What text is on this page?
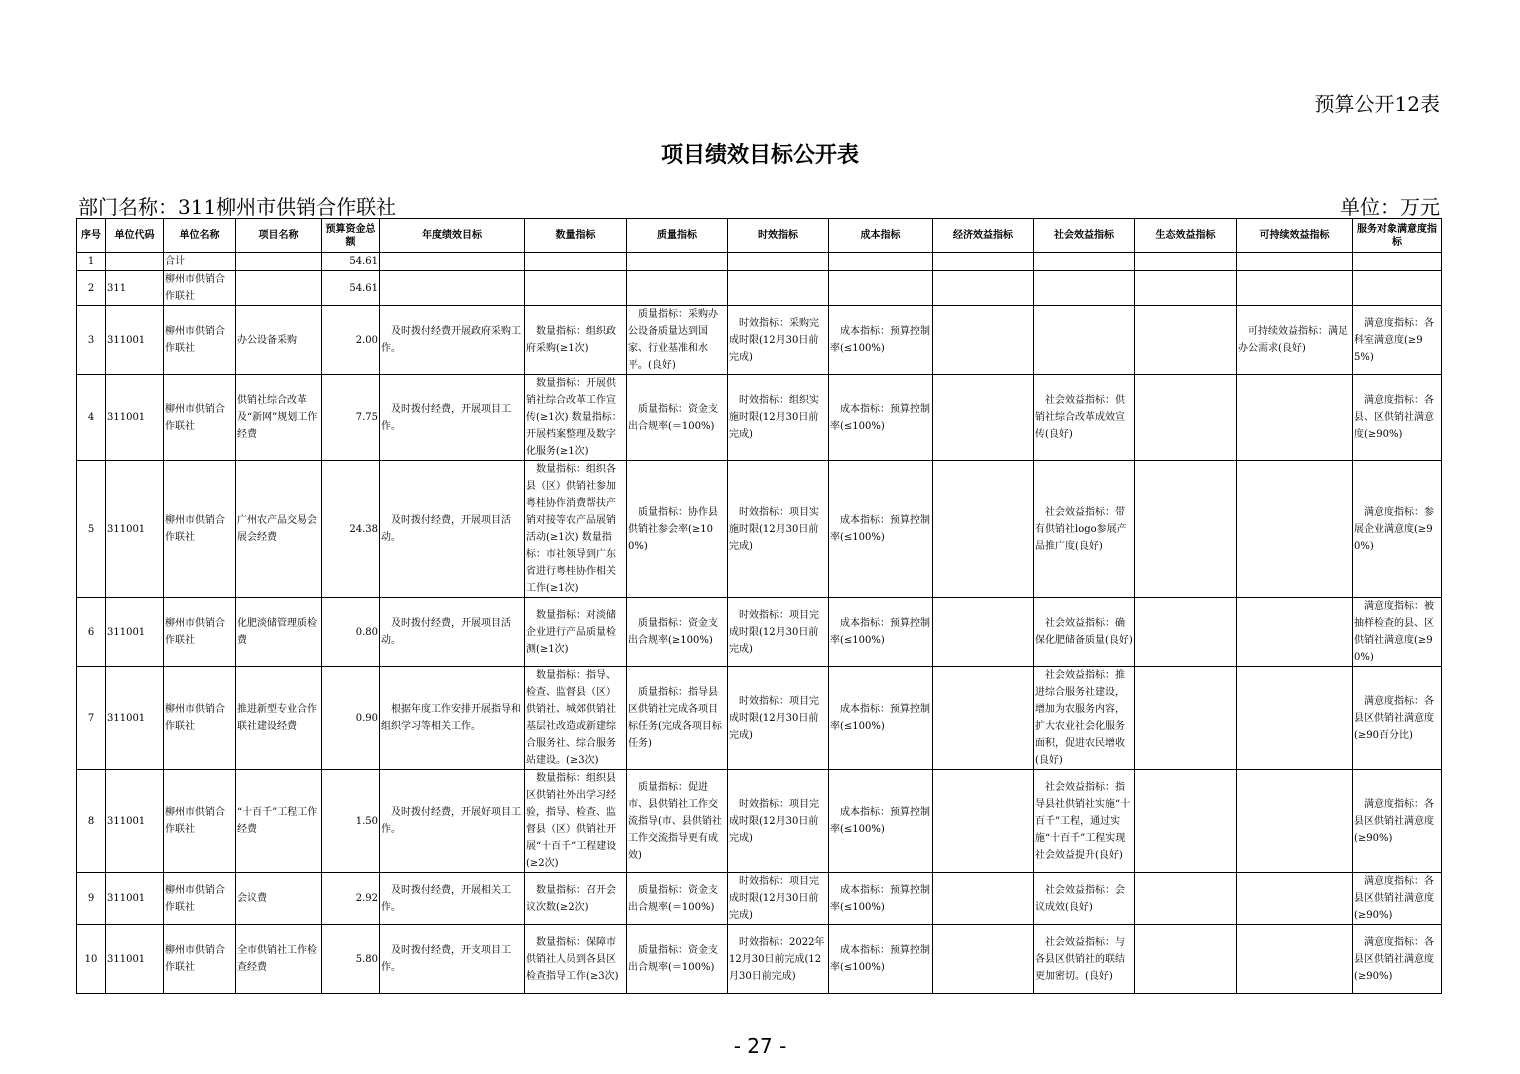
预算公开12表
项目绩效目标公开表
部门名称：311柳州市供销合作联社	单位：万元
序号	单位代码	单位名称	项目名称	预算资金总额	年度绩效目标	数量指标	质量指标	时效指标	成本指标	经济效益指标	社会效益指标	生态效益指标	可持续效益指标	服务对象满意度指标
1		合计		54.61										
2	311	柳州市供销合作联社		54.61										
3	311001	柳州市供销合作联社	办公设备采购	2.00	及时拨付经费开展政府采购工作。	数量指标：组织政府采购(≥1次)	质量指标：采购办公设备质量达到国家、行业基准和水平。(良好)	时效指标：采购完成时限(12月30日前完成)	成本指标：预算控制率(≤100%)				可持续效益指标：满足办公需求(良好)	满意度指标：各科室满意度(≥95%)
4	311001	柳州市供销合作联社	供销社综合改革及“新网”规划工作经费	7.75	及时拨付经费，开展项目工作。	数量指标：开展供销社综合改革工作宣传(≥1次) 数量指标：开展档案整理及数字化服务(≥1次)	质量指标：资金支出合规率(＝100%)	时效指标：组织实施时限(12月30日前完成)	成本指标：预算控制率(≤100%)		社会效益指标：供销社综合改革成效宣传(良好)			满意度指标：各县、区供销社满意度(≥90%)
5	311001	柳州市供销合作联社	广州农产品交易会展会经费	24.38	及时拨付经费，开展项目活动。	数量指标：组织各县（区）供销社参加粤桂协作消费帮扶产销对接等农产品展销活动(≥1次) 数量指标：市社领导到广东省进行粤桂协作相关工作(≥1次)	质量指标：协作县供销社参会率(≥100%)	时效指标：项目实施时限(12月30日前完成)	成本指标：预算控制率(≤100%)		社会效益指标：带有供销社logo参展产品推广度(良好)			满意度指标：参展企业满意度(≥90%)
6	311001	柳州市供销合作联社	化肥淡储管理质检费	0.80	及时拨付经费，开展项目活动。	数量指标：对淡储企业进行产品质量检测(≥1次)	质量指标：资金支出合规率(≥100%)	时效指标：项目完成时限(12月30日前完成)	成本指标：预算控制率(≤100%)		社会效益指标：确保化肥储备质量(良好)			满意度指标：被抽样检查的县、区供销社满意度(≥90%)
7	311001	柳州市供销合作联社	推进新型专业合作联社建设经费	0.90	根据年度工作安排开展指导和组织学习等相关工作。	数量指标：指导、检查、监督县（区）供销社、城郊供销社基层社改造或新建综合服务社、综合服务站建设。(≥3次)	质量指标：指导县区供销社完成各项目标任务(完成各项目标任务)	时效指标：项目完成时限(12月30日前完成)	成本指标：预算控制率(≤100%)		社会效益指标：推进综合服务社建设，增加为农服务内容，扩大农业社会化服务面积，促进农民增收(良好)			满意度指标：各县区供销社满意度(≥90百分比)
8	311001	柳州市供销合作联社	“十百千”工程工作经费	1.50	及时拨付经费，开展好项目工作。	数量指标：组织县区供销社外出学习经验，指导、检查、监督县（区）供销社开展“十百千”工程建设(≥2次)	质量指标：促进市、县供销社工作交流指导(市、县供销社工作交流指导更有成效)	时效指标：项目完成时限(12月30日前完成)	成本指标：预算控制率(≤100%)		社会效益指标：指导县社供销社实施“十百千”工程，通过实施“十百千”工程实现社会效益提升(良好)			满意度指标：各县区供销社满意度(≥90%)
9	311001	柳州市供销合作联社	会议费	2.92	及时拨付经费，开展相关工作。	数量指标：召开会议次数(≥2次)	质量指标：资金支出合规率(＝100%)	时效指标：项目完成时限(12月30日前完成)	成本指标：预算控制率(≤100%)		社会效益指标：会议成效(良好)			满意度指标：各县区供销社满意度(≥90%)
10	311001	柳州市供销合作联社	全市供销社工作检查经费	5.80	及时拨付经费，开支项目工作。	数量指标：保障市供销社人员到各县区检查指导工作(≥3次)	质量指标：资金支出合规率(＝100%)	时效指标：2022年12月30日前完成(12月30日前完成)	成本指标：预算控制率(≤100%)		社会效益指标：与各县区供销社的联结更加密切。(良好)			满意度指标：各县区供销社满意度(≥90%)
- 27 -
